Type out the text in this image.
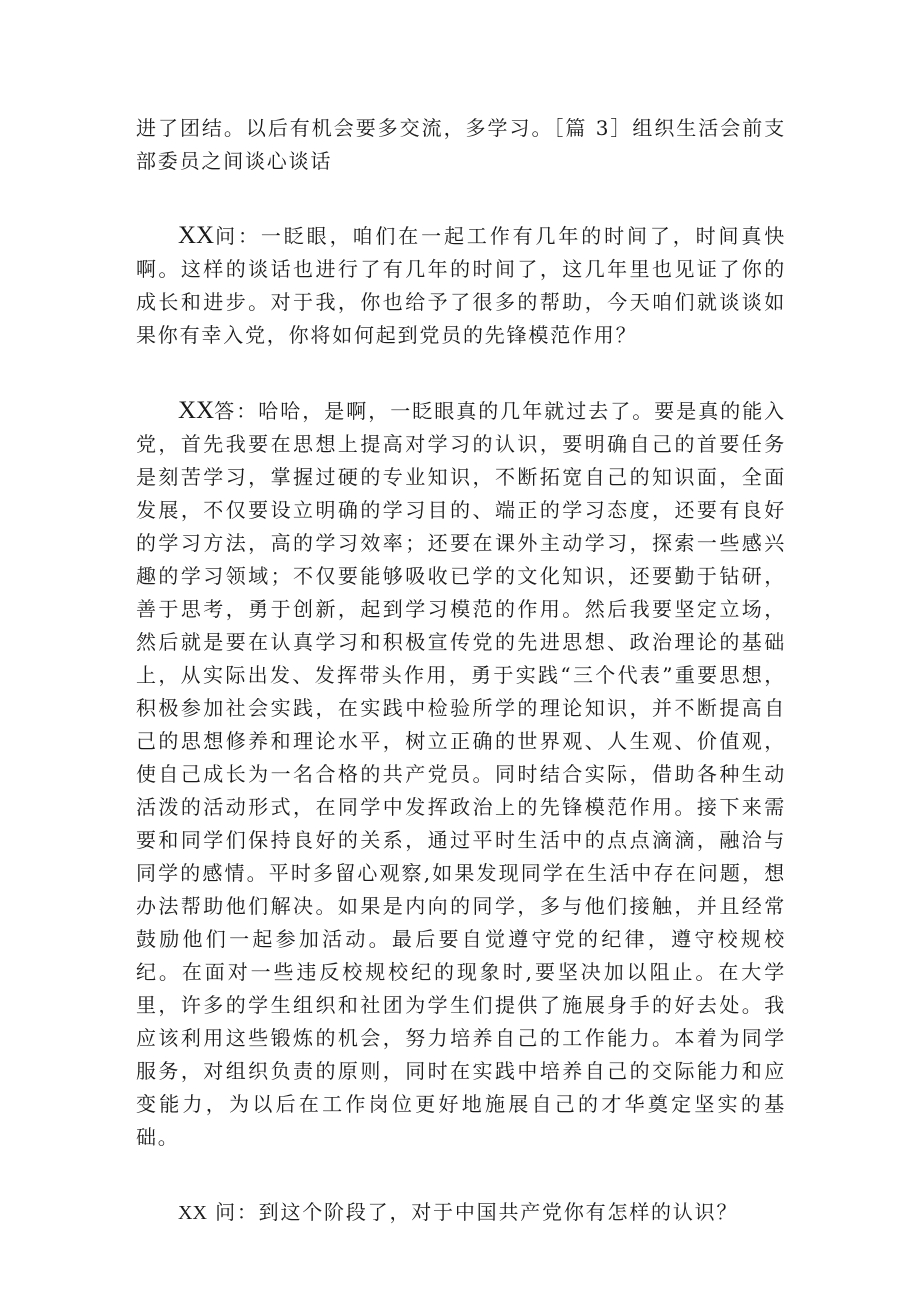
进了团结。以后有机会要多交流，多学习。［篇 3］组织生活会前支部委员之间谈心谈话

XX问：一眨眼，咱们在一起工作有几年的时间了，时间真快啊。这样的谈话也进行了有几年的时间了，这几年里也见证了你的成长和进步。对于我，你也给予了很多的帮助，今天咱们就谈谈如果你有幸入党，你将如何起到党员的先锋模范作用？

XX答：哈哈，是啊，一眨眼真的几年就过去了。要是真的能入党，首先我要在思想上提高对学习的认识，要明确自己的首要任务是刻苦学习，掌握过硬的专业知识，不断拓宽自己的知识面，全面发展，不仅要设立明确的学习目的、端正的学习态度，还要有良好的学习方法，高的学习效率；还要在课外主动学习，探索一些感兴趣的学习领域；不仅要能够吸收已学的文化知识，还要勤于钻研，善于思考，勇于创新，起到学习模范的作用。然后我要坚定立场，然后就是要在认真学习和积极宣传党的先进思想、政治理论的基础上，从实际出发、发挥带头作用，勇于实践“三个代表”重要思想，积极参加社会实践，在实践中检验所学的理论知识，并不断提高自己的思想修养和理论水平，树立正确的世界观、人生观、价值观，使自己成长为一名合格的共产党员。同时结合实际，借助各种生动活泼的活动形式，在同学中发挥政治上的先锋模范作用。接下来需要和同学们保持良好的关系，通过平时生活中的点点滴滴，融洽与同学的感情。平时多留心观察,如果发现同学在生活中存在问题，想办法帮助他们解决。如果是内向的同学，多与他们接触，并且经常鼓励他们一起参加活动。最后要自觉遵守党的纪律，遵守校规校纪。在面对一些违反校规校纪的现象时,要坚决加以阻止。在大学里，许多的学生组织和社团为学生们提供了施展身手的好去处。我应该利用这些锻炼的机会，努力培养自己的工作能力。本着为同学服务，对组织负责的原则，同时在实践中培养自己的交际能力和应变能力，为以后在工作岗位更好地施展自己的才华奠定坚实的基础。

XX 问：到这个阶段了，对于中国共产党你有怎样的认识？
